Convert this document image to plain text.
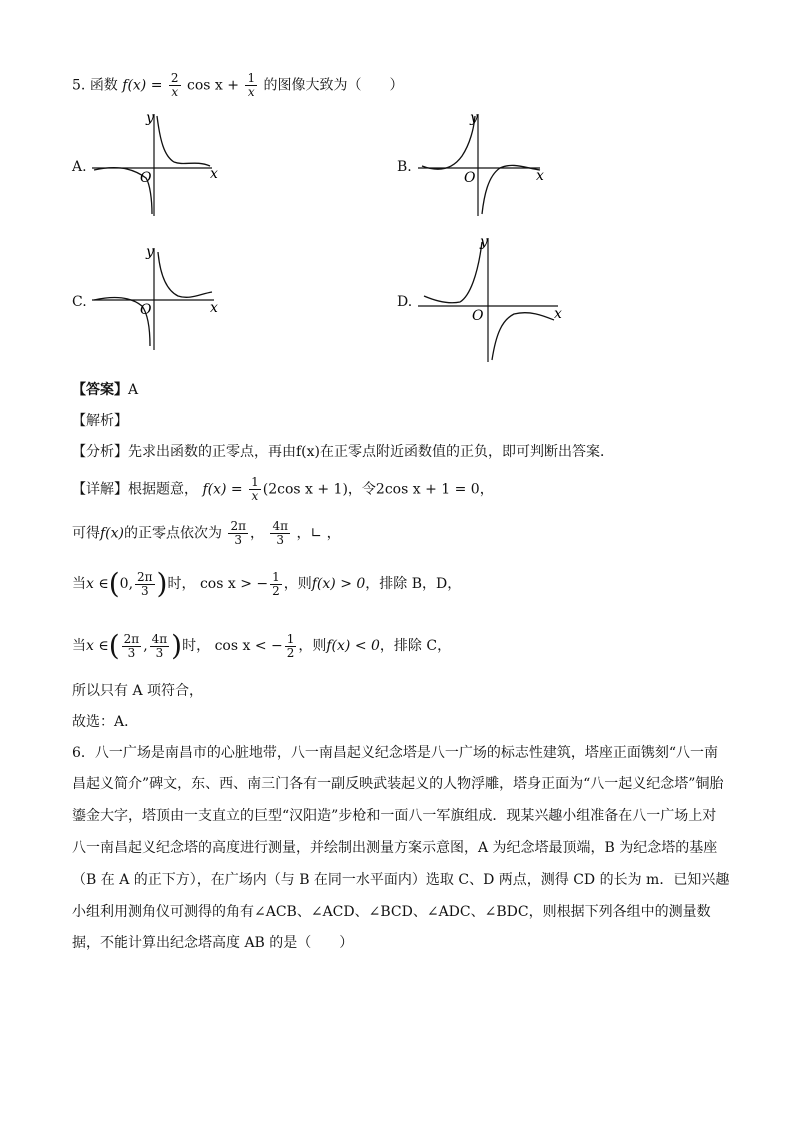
5. 函数 $f(x) = \frac{2}{x}$ $\cos x + \frac{1}{x}$ 的图像大致为（　　）
A.	x
y
O
B.
x
y
O
C.	x
y
O	D.
x
y
O
【答案】A
【解析】
【分析】先求出函数的正零点，再由f(x)在正零点附近函数值的正负，即可判断出答案．
【详解】根据题意， $f(x) = \frac{1}{x} (2\cos$ x + 1)，令2cos x + 1 = 0，
可得f(x)的正零点依次为 $\frac{2\pi}{3}$ ， $\frac{4\pi}{3}$ ，∟ ，
当x ∈(0, $\frac{2\pi}{3}$ )时， cos x > − $\frac{1}{2}$ ，则f(x) > 0，排除 B，D，
当x ∈( $\frac{2\pi}{3}$ , $\frac{4\pi}{3}$ )时， cos x < − $\frac{1}{2}$ ，则f(x) < 0，排除 C，
所以只有 A 项符合，
故选：A．
6．八一广场是南昌市的心脏地带，八一南昌起义纪念塔是八一广场的标志性建筑，塔座正面镌刻“八一南
昌起义简介”碑文，东、西、南三门各有一副反映武装起义的人物浮雕，塔身正面为“八一起义纪念塔”铜胎
鎏金大字，塔顶由一支直立的巨型“汉阳造”步枪和一面八一军旗组成．现某兴趣小组准备在八一广场上对
八一南昌起义纪念塔的高度进行测量，并绘制出测量方案示意图，A 为纪念塔最顶端，B 为纪念塔的基座
（B 在 A 的正下方），在广场内（与 B 在同一水平面内）选取 C、D 两点，测得 CD 的长为 m．已知兴趣
小组利用测角仪可测得的角有∠ACB、∠ACD、∠BCD、∠ADC、∠BDC，则根据下列各组中的测量数
据，不能计算出纪念塔高度 AB 的是（　　）
